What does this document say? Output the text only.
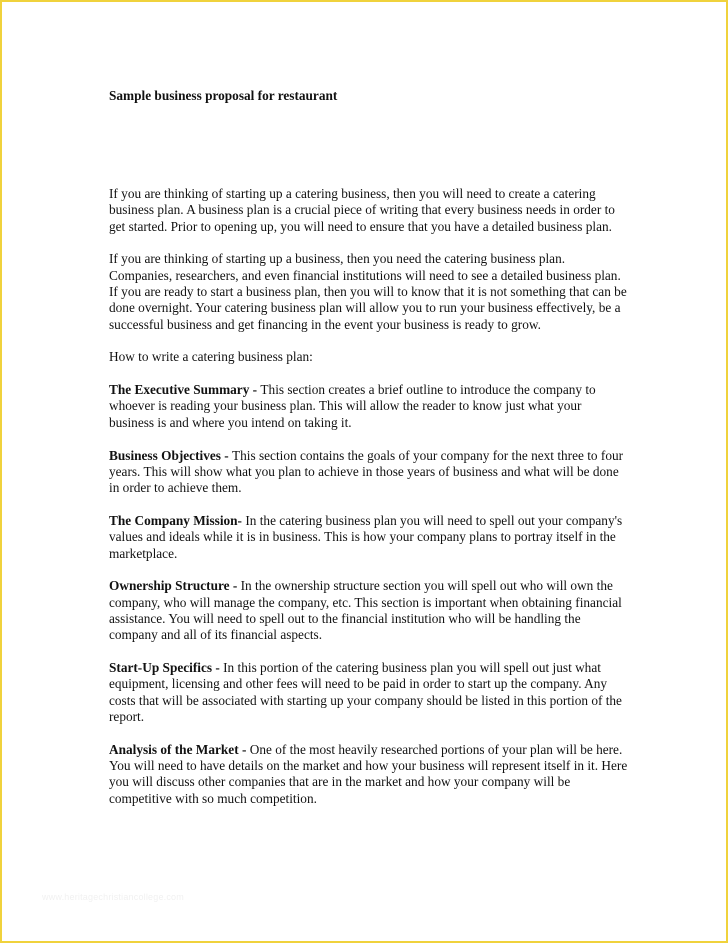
Sample business proposal for restaurant

If you are thinking of starting up a catering business, then you will need to create a catering business plan. A business plan is a crucial piece of writing that every business needs in order to get started. Prior to opening up, you will need to ensure that you have a detailed business plan.

If you are thinking of starting up a business, then you need the catering business plan. Companies, researchers, and even financial institutions will need to see a detailed business plan. If you are ready to start a business plan, then you will to know that it is not something that can be done overnight. Your catering business plan will allow you to run your business effectively, be a successful business and get financing in the event your business is ready to grow.

How to write a catering business plan:

The Executive Summary - This section creates a brief outline to introduce the company to whoever is reading your business plan. This will allow the reader to know just what your business is and where you intend on taking it.

Business Objectives - This section contains the goals of your company for the next three to four years. This will show what you plan to achieve in those years of business and what will be done in order to achieve them.

The Company Mission- In the catering business plan you will need to spell out your company's values and ideals while it is in business. This is how your company plans to portray itself in the marketplace.

Ownership Structure - In the ownership structure section you will spell out who will own the company, who will manage the company, etc. This section is important when obtaining financial assistance. You will need to spell out to the financial institution who will be handling the company and all of its financial aspects.

Start-Up Specifics - In this portion of the catering business plan you will spell out just what equipment, licensing and other fees will need to be paid in order to start up the company. Any costs that will be associated with starting up your company should be listed in this portion of the report.

Analysis of the Market - One of the most heavily researched portions of your plan will be here. You will need to have details on the market and how your business will represent itself in it. Here you will discuss other companies that are in the market and how your company will be competitive with so much competition.

www.heritagechristiancollege.com
